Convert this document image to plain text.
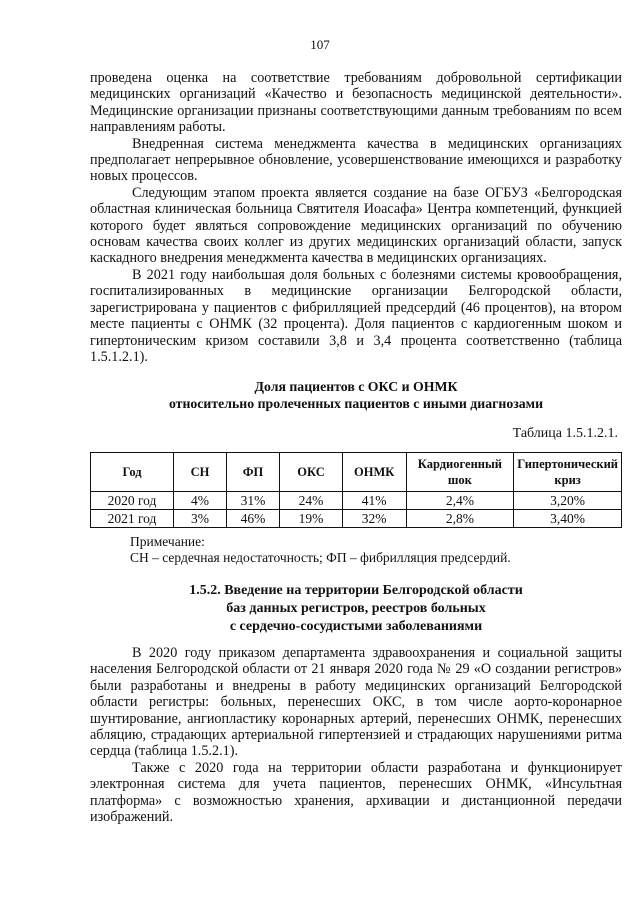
107

проведена оценка на соответствие требованиям добровольной сертификации медицинских организаций «Качество и безопасность медицинской деятельности». Медицинские организации признаны соответствующими данным требованиям по всем направлениям работы.

Внедренная система менеджмента качества в медицинских организациях предполагает непрерывное обновление, усовершенствование имеющихся и разработку новых процессов.

Следующим этапом проекта является создание на базе ОГБУЗ «Белгородская областная клиническая больница Святителя Иоасафа» Центра компетенций, функцией которого будет являться сопровождение медицинских организаций по обучению основам качества своих коллег из других медицинских организаций области, запуск каскадного внедрения менеджмента качества в медицинских организациях.

В 2021 году наибольшая доля больных с болезнями системы кровообращения, госпитализированных в медицинские организации Белгородской области, зарегистрирована у пациентов с фибрилляцией предсердий (46 процентов), на втором месте пациенты с ОНМК (32 процента). Доля пациентов с кардиогенным шоком и гипертоническим кризом составили 3,8 и 3,4 процента соответственно (таблица 1.5.1.2.1).

Доля пациентов с ОКС и ОНМК
относительно пролеченных пациентов с иными диагнозами
Таблица 1.5.1.2.1.
Год	СН	ФП	ОКС	ОНМК	Кардиогенный шок	Гипертонический криз
2020 год	4%	31%	24%	41%	2,4%	3,20%
2021 год	3%	46%	19%	32%	2,8%	3,40%
Примечание:
СН – сердечная недостаточность; ФП – фибрилляция предсердий.
1.5.2. Введение на территории Белгородской области
баз данных регистров, реестров больных
с сердечно-сосудистыми заболеваниями

В 2020 году приказом департамента здравоохранения и социальной защиты населения Белгородской области от 21 января 2020 года № 29 «О создании регистров» были разработаны и внедрены в работу медицинских организаций Белгородской области регистры: больных, перенесших ОКС, в том числе аорто-коронарное шунтирование, ангиопластику коронарных артерий, перенесших ОНМК, перенесших абляцию, страдающих артериальной гипертензией и страдающих нарушениями ритма сердца (таблица 1.5.2.1).

Также с 2020 года на территории области разработана и функционирует электронная система для учета пациентов, перенесших ОНМК, «Инсультная платформа» с возможностью хранения, архивации и дистанционной передачи изображений.
